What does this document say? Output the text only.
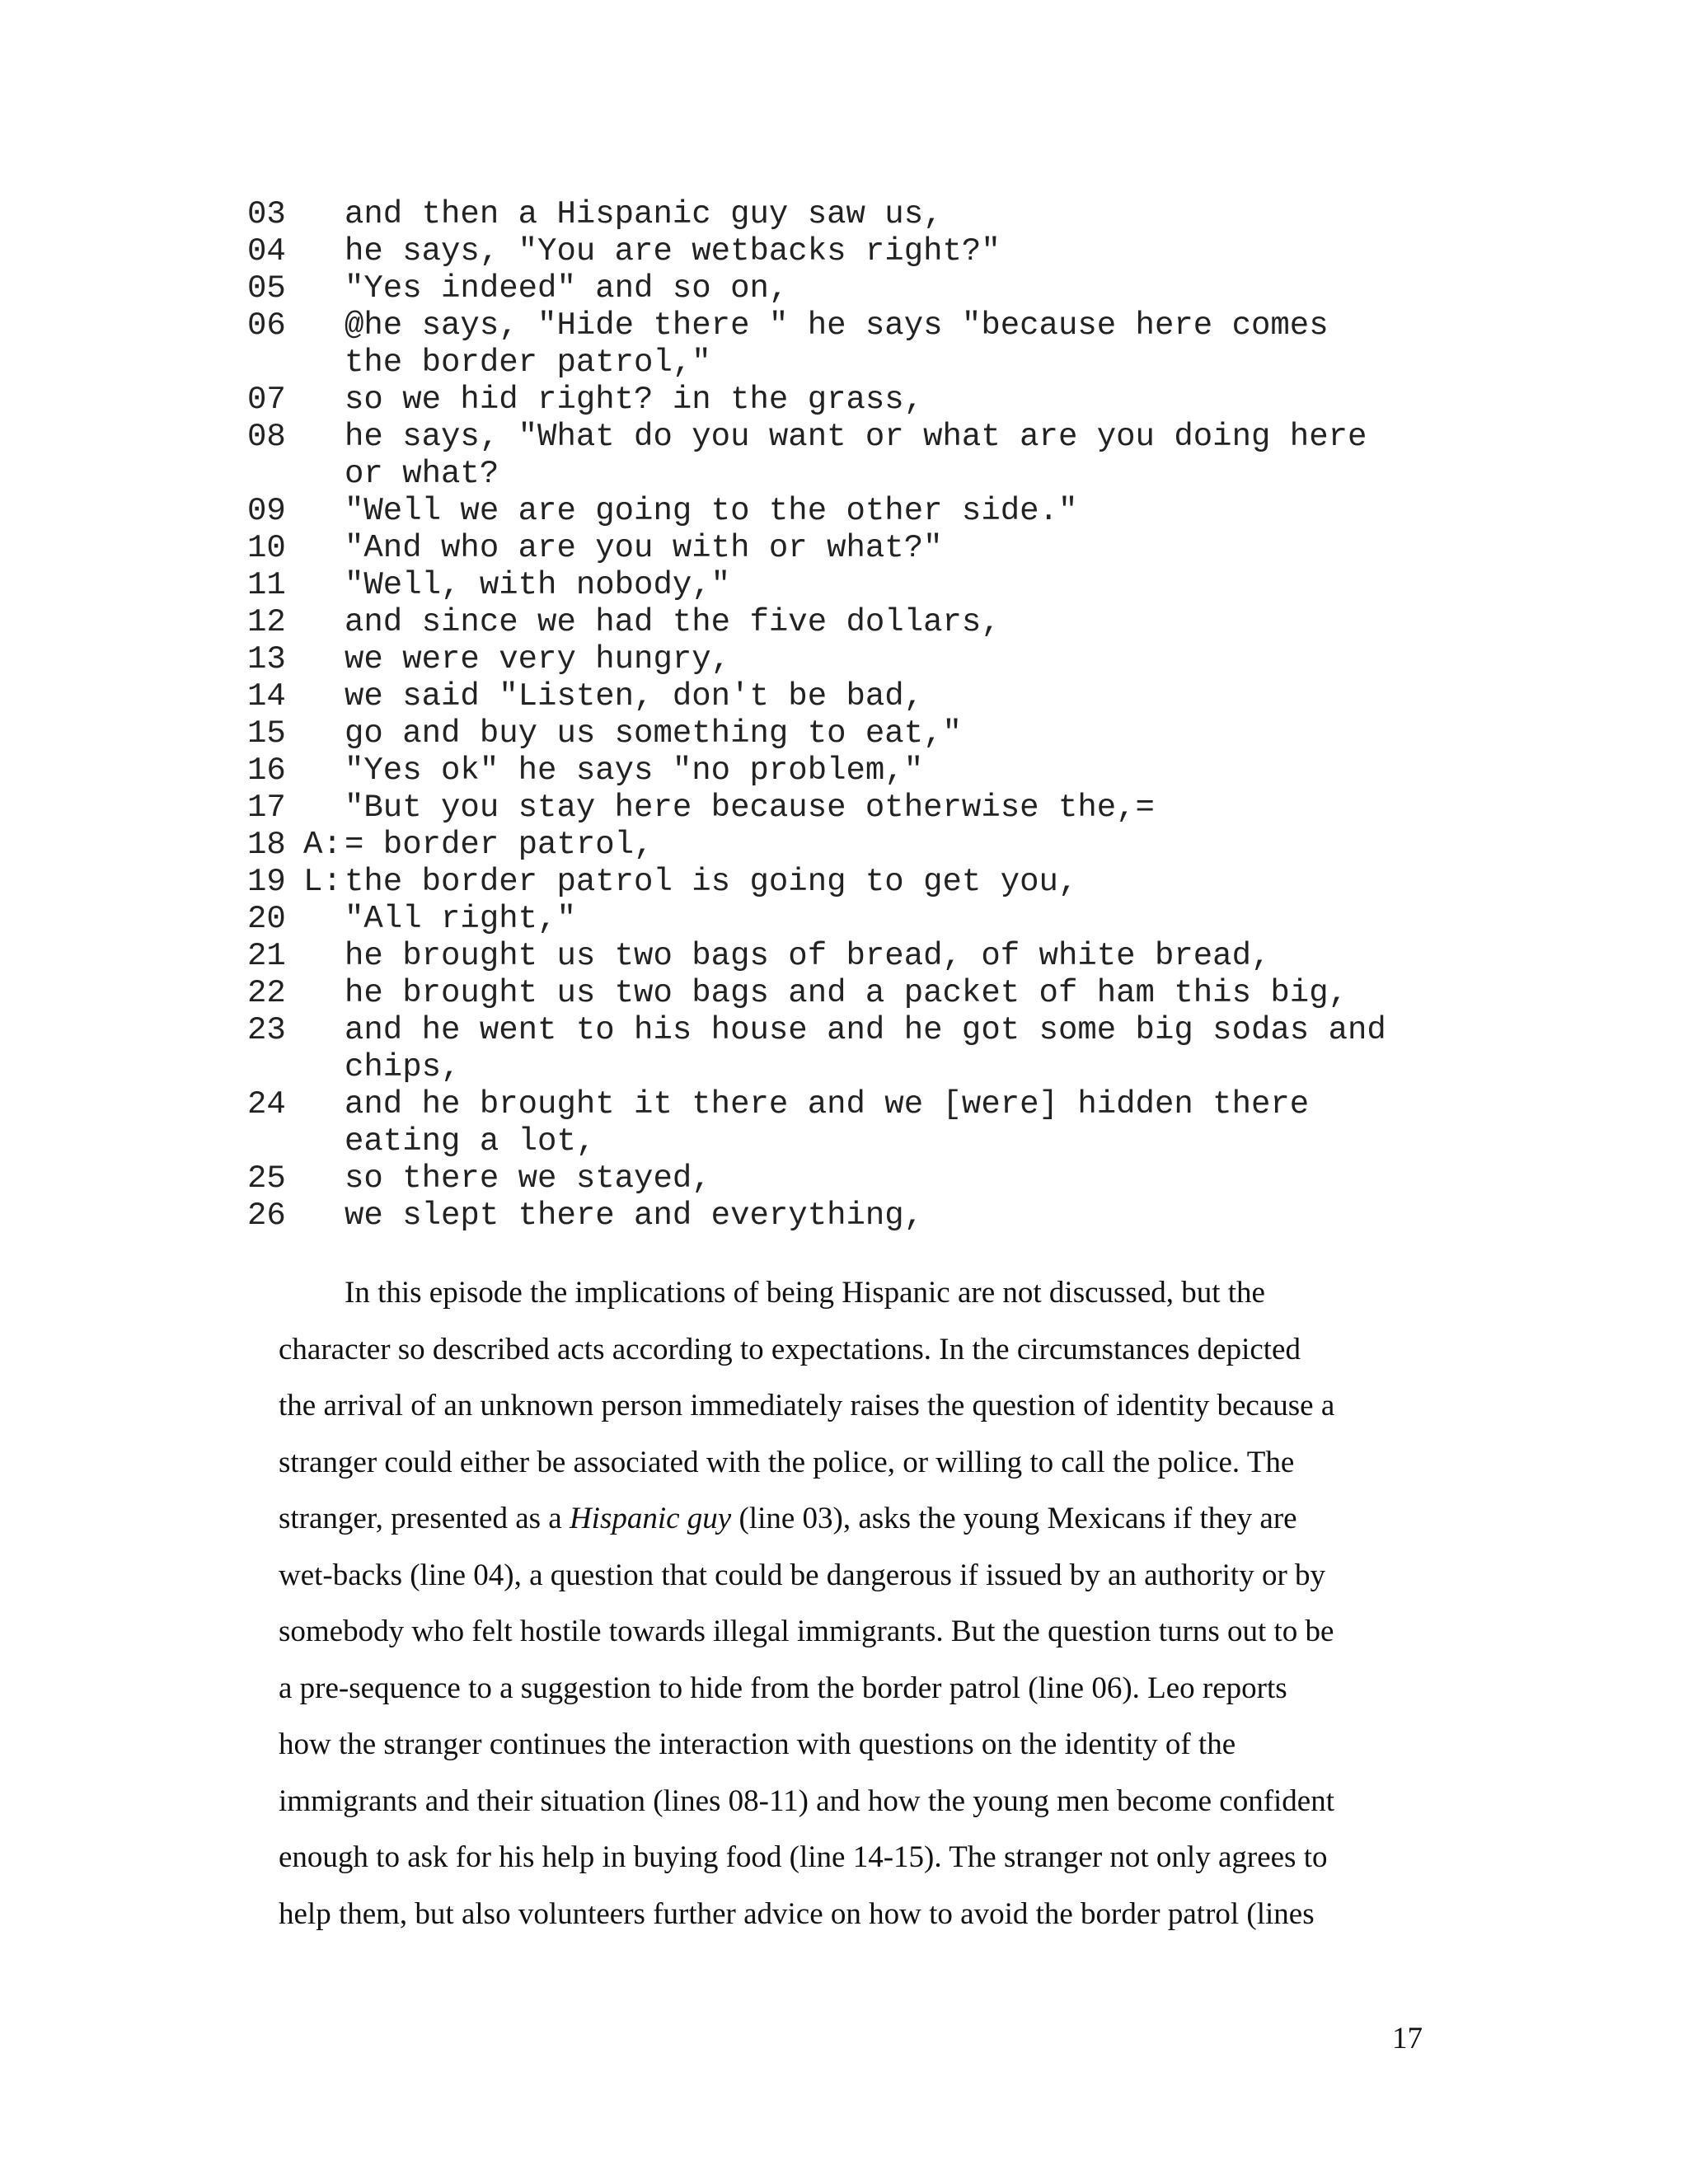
03	and then a Hispanic guy saw us,
04	he says, "You are wetbacks right?"
05	"Yes indeed" and so on,
06	@he says, "Hide there " he says "because here comes
the border patrol,"
07	so we hid right? in the grass,
08	he says, "What do you want or what are you doing here
or what?
09	"Well we are going to the other side."
10	"And who are you with or what?"
11	"Well, with nobody,"
12	and since we had the five dollars,
13	we were very hungry,
14	we said "Listen, don't be bad,
15	go and buy us something to eat,"
16	"Yes ok" he says "no problem,"
17	"But you stay here because otherwise the,=
18 A: = border patrol,
19 L: the border patrol is going to get you,
20	"All right,"
21	he brought us two bags of bread, of white bread,
22	he brought us two bags and a packet of ham this big,
23	and he went to his house and he got some big sodas and
chips,
24	and he brought it there and we [were] hidden there
eating a lot,
25	so there we stayed,
26	we slept there and everything,
In this episode the implications of being Hispanic are not discussed, but the
character so described acts according to expectations. In the circumstances depicted
the arrival of an unknown person immediately raises the question of identity because a
stranger could either be associated with the police, or willing to call the police. The
stranger, presented as a Hispanic guy (line 03), asks the young Mexicans if they are
wet-backs (line 04), a question that could be dangerous if issued by an authority or by
somebody who felt hostile towards illegal immigrants. But the question turns out to be
a pre-sequence to a suggestion to hide from the border patrol (line 06). Leo reports
how the stranger continues the interaction with questions on the identity of the
immigrants and their situation (lines 08-11) and how the young men become confident
enough to ask for his help in buying food (line 14-15). The stranger not only agrees to
help them, but also volunteers further advice on how to avoid the border patrol (lines
17
